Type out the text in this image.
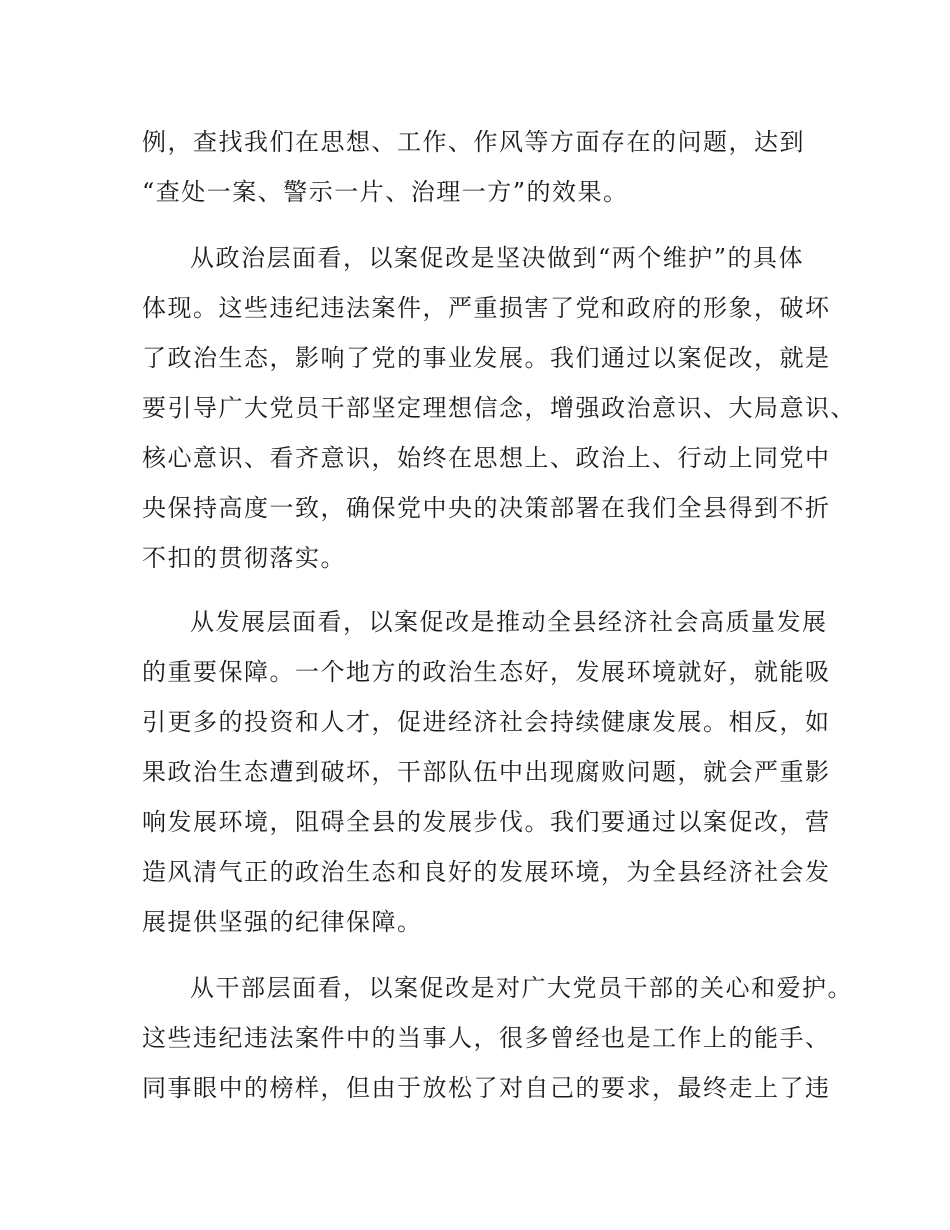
例，查找我们在思想、工作、作风等方面存在的问题，达到
“查处一案、警示一片、治理一方”的效果。
从政治层面看，以案促改是坚决做到“两个维护”的具体
体现。这些违纪违法案件，严重损害了党和政府的形象，破坏
了政治生态，影响了党的事业发展。我们通过以案促改，就是
要引导广大党员干部坚定理想信念，增强政治意识、大局意识、
核心意识、看齐意识，始终在思想上、政治上、行动上同党中
央保持高度一致，确保党中央的决策部署在我们全县得到不折
不扣的贯彻落实。
从发展层面看，以案促改是推动全县经济社会高质量发展
的重要保障。一个地方的政治生态好，发展环境就好，就能吸
引更多的投资和人才，促进经济社会持续健康发展。相反，如
果政治生态遭到破坏，干部队伍中出现腐败问题，就会严重影
响发展环境，阻碍全县的发展步伐。我们要通过以案促改，营
造风清气正的政治生态和良好的发展环境，为全县经济社会发
展提供坚强的纪律保障。
从干部层面看，以案促改是对广大党员干部的关心和爱护。
这些违纪违法案件中的当事人，很多曾经也是工作上的能手、
同事眼中的榜样，但由于放松了对自己的要求，最终走上了违
